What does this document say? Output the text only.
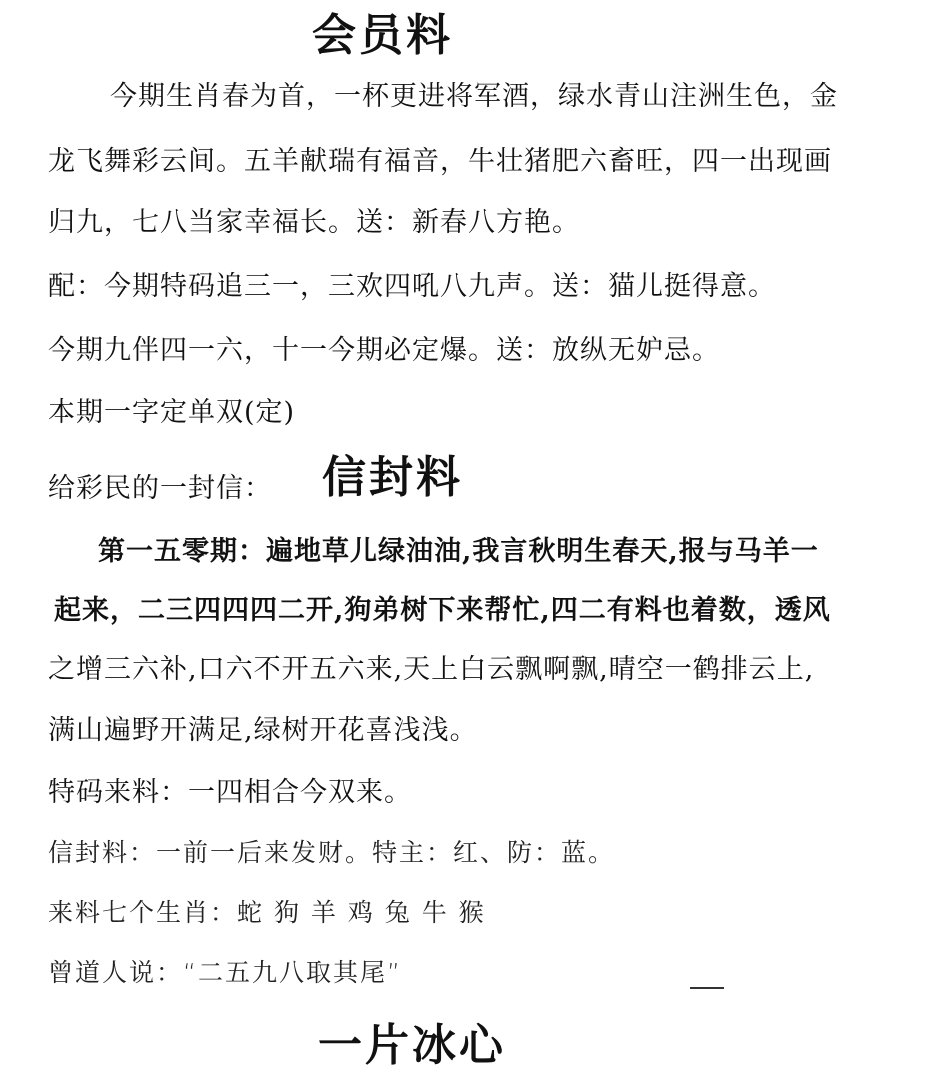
会员料
今期生肖春为首，一杯更进将军酒，绿水青山注洲生色，金
龙飞舞彩云间。五羊献瑞有福音，牛壮猪肥六畜旺，四一出现画
归九，七八当家幸福长。送：新春八方艳。
配：今期特码追三一，三欢四吼八九声。送：猫儿挺得意。
今期九伴四一六，十一今期必定爆。送：放纵无妒忌。
本期一字定单双(定)
给彩民的一封信： 信封料
第一五零期：遍地草儿绿油油,我言秋明生春天,报与马羊一
起来，二三四四四二开,狗弟树下来帮忙,四二有料也着数，透风
之增三六补,口六不开五六来,天上白云飘啊飘,晴空一鹤排云上,
满山遍野开满足,绿树开花喜浅浅。
特码来料：一四相合今双来。
信封料：一前一后来发财。特主：红、防：蓝。
来料七个生肖：蛇 狗 羊 鸡 兔 牛 猴
曾道人说：“二五九八取其尾”
一片冰心
